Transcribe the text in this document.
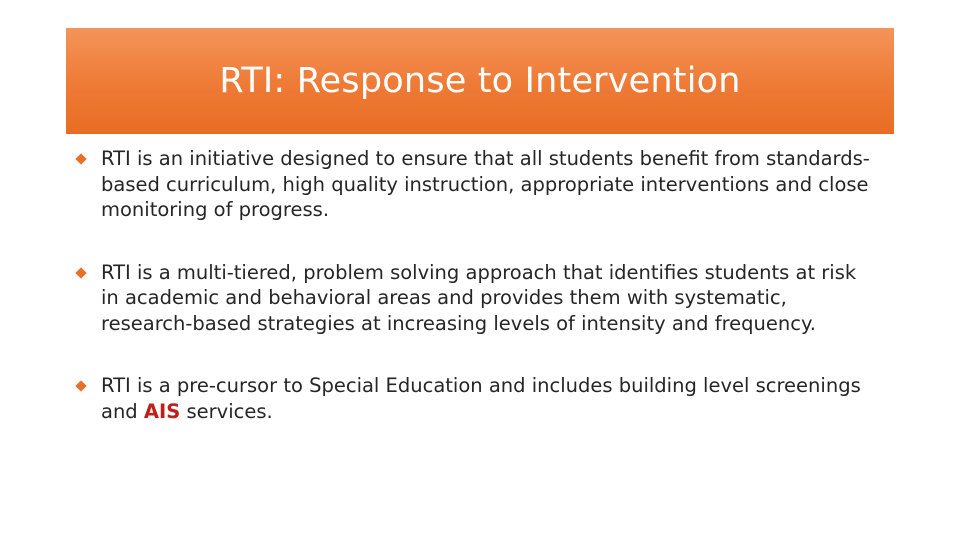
RTI: Response to Intervention
RTI is an initiative designed to ensure that all students benefit from standards-based curriculum, high quality instruction, appropriate interventions and close monitoring of progress.
RTI is a multi-tiered, problem solving approach that identifies students at risk in academic and behavioral areas and provides them with systematic, research-based strategies at increasing levels of intensity and frequency.
RTI is a pre-cursor to Special Education and includes building level screenings and AIS services.
